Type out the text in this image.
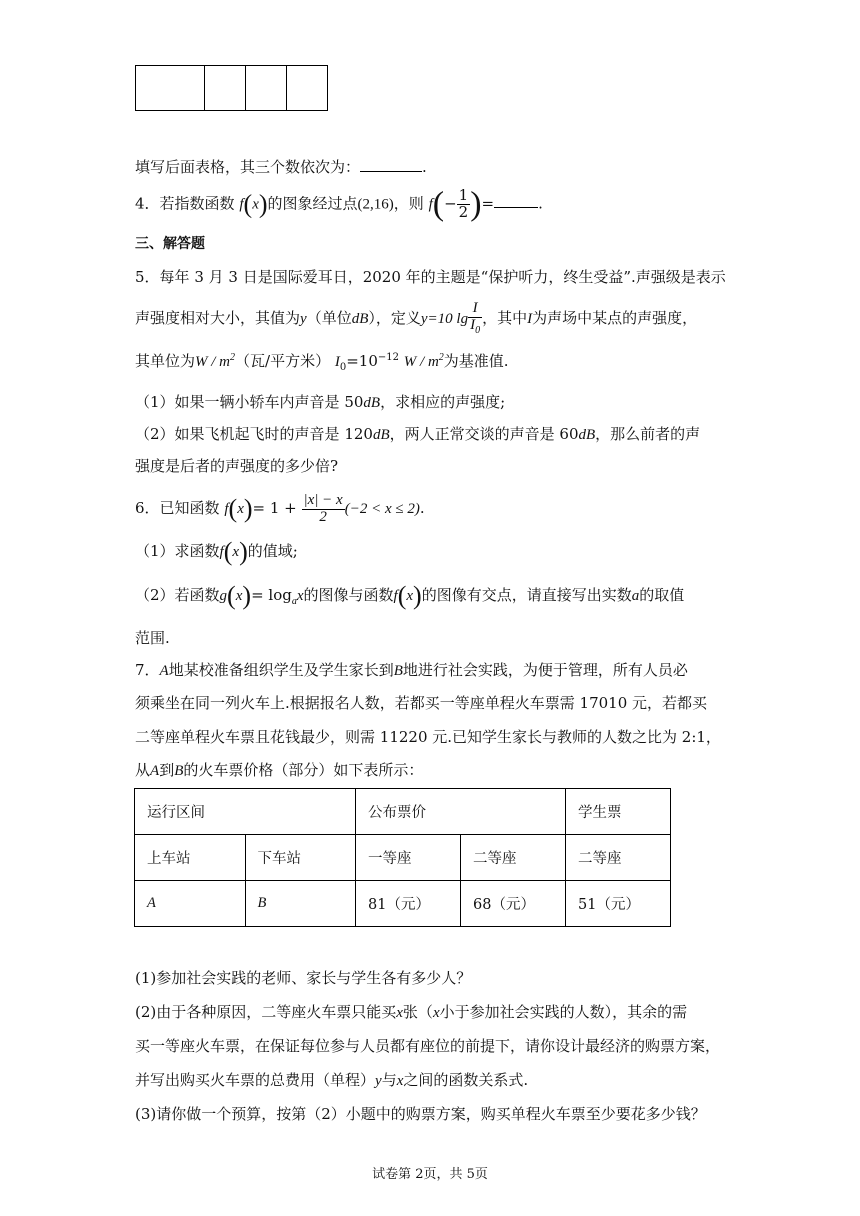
填写后面表格，其三个数依次为：	.
4．若指数函数 f(x)的图象经过点(2,16)，则 $f(- \frac{1}{2}$ )=	.
三、解答题
5．每年 3 月 3 日是国际爱耳日，2020 年的主题是“保护听力，终生受益”.声强级是表示
声强度相对大小，其值为y（单位dB），定义y=10 $\lg \frac{I}{I_0}$ ，其中I为声场中某点的声强度，
其单位为W / $m^2$（瓦/平方米） $I_0=10^{-12}$ W / $m^2$为基准值.
（1）如果一辆小轿车内声音是 50dB，求相应的声强度;
（2）如果飞机起飞时的声音是 120dB，两人正常交谈的声音是 60dB，那么前者的声
强度是后者的声强度的多少倍?
6．已知函数 $f(x)= 1 + \frac{|x| - x}{2} (-2 < x \le 2)$.
（1）求函数f(x)的值域;
（2）若函数$g(x)= \log_ax$的图像与函数f(x)的图像有交点，请直接写出实数a的取值
范围.
7．A地某校准备组织学生及学生家长到B地进行社会实践，为便于管理，所有人员必
须乘坐在同一列火车上.根据报名人数，若都买一等座单程火车票需 17010 元，若都买
二等座单程火车票且花钱最少，则需 11220 元.已知学生家长与教师的人数之比为 2:1，
从A到B的火车票价格（部分）如下表所示：
运行区间		公布票价		学生票
上车站	下车站	一等座	二等座	二等座
A	B	81（元）	68（元）	51（元）
(1)参加社会实践的老师、家长与学生各有多少人？
(2)由于各种原因，二等座火车票只能买x张（x小于参加社会实践的人数），其余的需
买一等座火车票，在保证每位参与人员都有座位的前提下，请你设计最经济的购票方案，
并写出购买火车票的总费用（单程）y与x之间的函数关系式.
(3)请你做一个预算，按第（2）小题中的购票方案，购买单程火车票至少要花多少钱？
试卷第 2页，共 5页
